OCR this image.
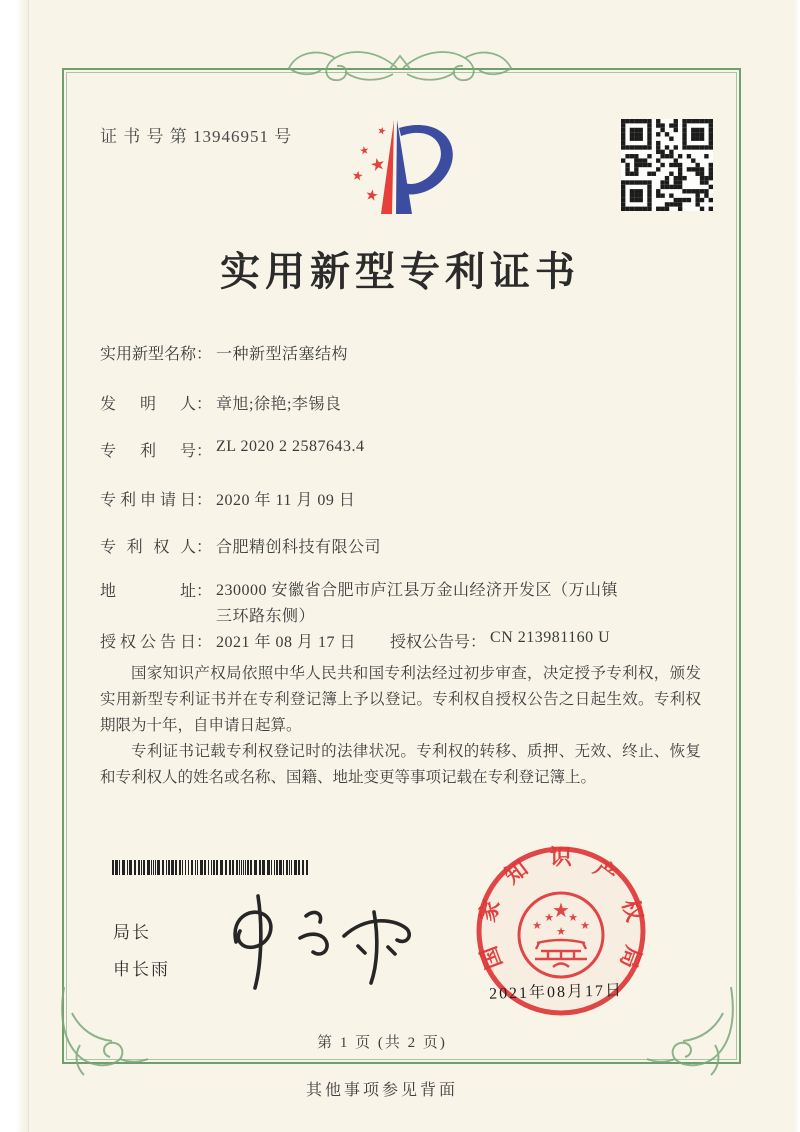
证 书 号 第 13946951 号	★
★
★
★
★
实用新型专利证书
实用新型名称： 一种新型活塞结构
发明人： 章旭;徐艳;李锡良
专利号： ZL 2020 2 2587643.4
专利申请日： 2020 年 11 月 09 日
专利权人： 合肥精创科技有限公司
地址： 230000 安徽省合肥市庐江县万金山经济开发区（万山镇三环路东侧）
授权公告日： 2021 年 08 月 17 日 授权公告号： CN 213981160 U

国家知识产权局依照中华人民共和国专利法经过初步审查，决定授予专利权，颁发实用新型专利证书并在专利登记簿上予以登记。专利权自授权公告之日起生效。专利权期限为十年，自申请日起算。

专利证书记载专利权登记时的法律状况。专利权的转移、质押、无效、终止、恢复和专利权人的姓名或名称、国籍、地址变更等事项记载在专利登记簿上。

局长
申长雨	国家知识产权局
★
★
★ ★
★
★
2021年08月17日
第 1 页 (共 2 页)
其他事项参见背面
